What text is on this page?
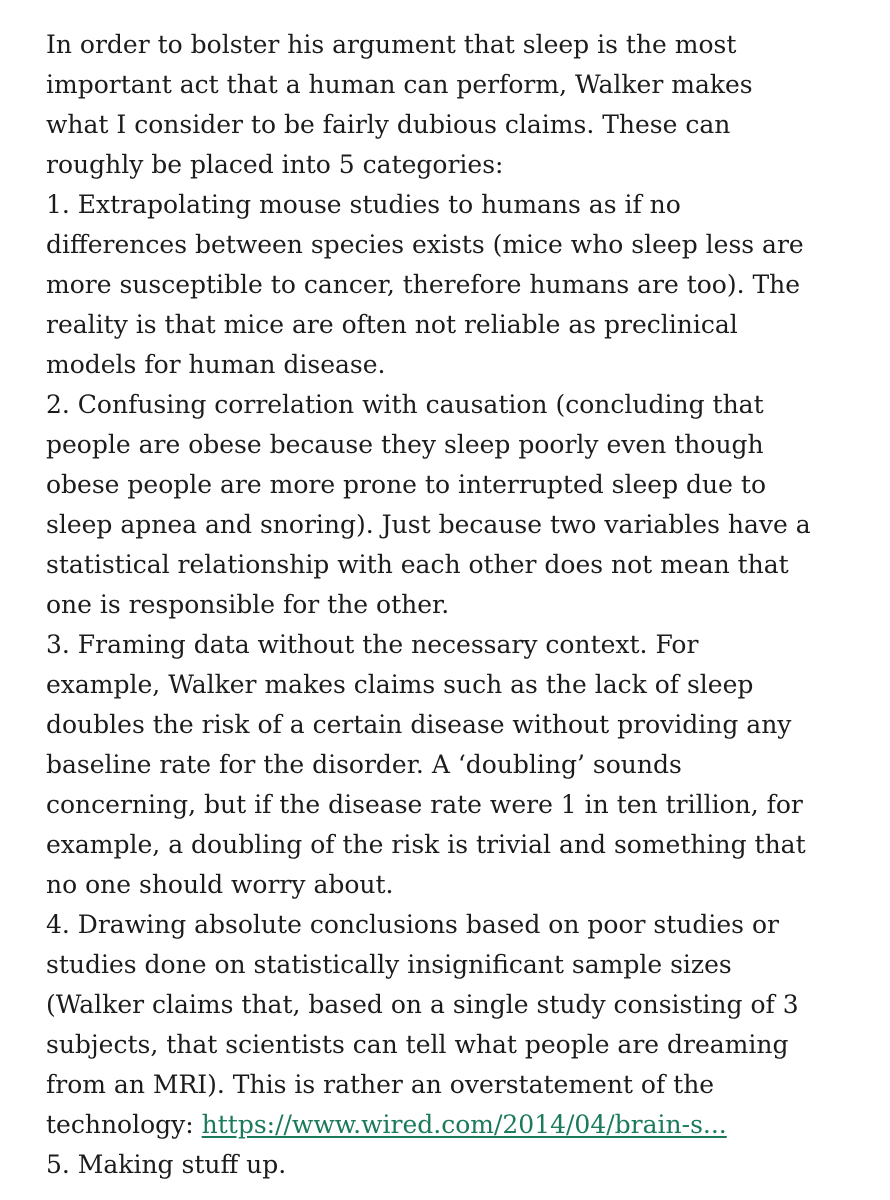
In order to bolster his argument that sleep is the most
important act that a human can perform, Walker makes
what I consider to be fairly dubious claims. These can
roughly be placed into 5 categories:
1. Extrapolating mouse studies to humans as if no
differences between species exists (mice who sleep less are
more susceptible to cancer, therefore humans are too). The
reality is that mice are often not reliable as preclinical
models for human disease.
2. Confusing correlation with causation (concluding that
people are obese because they sleep poorly even though
obese people are more prone to interrupted sleep due to
sleep apnea and snoring). Just because two variables have a
statistical relationship with each other does not mean that
one is responsible for the other.
3. Framing data without the necessary context. For
example, Walker makes claims such as the lack of sleep
doubles the risk of a certain disease without providing any
baseline rate for the disorder. A ‘doubling’ sounds
concerning, but if the disease rate were 1 in ten trillion, for
example, a doubling of the risk is trivial and something that
no one should worry about.
4. Drawing absolute conclusions based on poor studies or
studies done on statistically insignificant sample sizes
(Walker claims that, based on a single study consisting of 3
subjects, that scientists can tell what people are dreaming
from an MRI). This is rather an overstatement of the
technology: https://www.wired.com/2014/04/brain-s...
5. Making stuff up.
